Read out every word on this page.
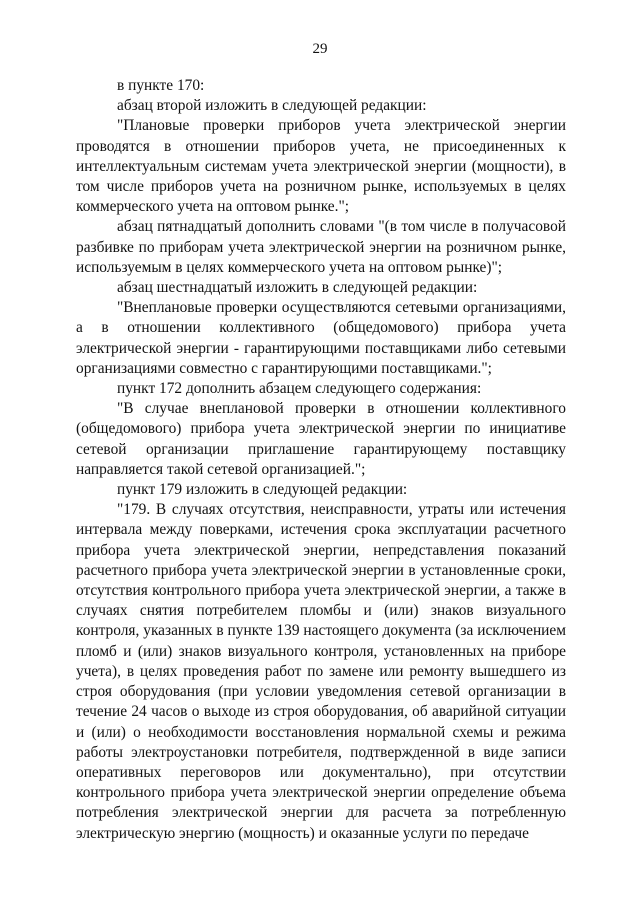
29

в пункте 170:

абзац второй изложить в следующей редакции:

"Плановые проверки приборов учета электрической энергии проводятся в отношении приборов учета, не присоединенных к интеллектуальным системам учета электрической энергии (мощности), в том числе приборов учета на розничном рынке, используемых в целях коммерческого учета на оптовом рынке.";

абзац пятнадцатый дополнить словами "(в том числе в получасовой разбивке по приборам учета электрической энергии на розничном рынке, используемым в целях коммерческого учета на оптовом рынке)";

абзац шестнадцатый изложить в следующей редакции:

"Внеплановые проверки осуществляются сетевыми организациями, а в отношении коллективного (общедомового) прибора учета электрической энергии - гарантирующими поставщиками либо сетевыми организациями совместно с гарантирующими поставщиками.";

пункт 172 дополнить абзацем следующего содержания:

"В случае внеплановой проверки в отношении коллективного (общедомового) прибора учета электрической энергии по инициативе сетевой организации приглашение гарантирующему поставщику направляется такой сетевой организацией.";

пункт 179 изложить в следующей редакции:

"179. В случаях отсутствия, неисправности, утраты или истечения интервала между поверками, истечения срока эксплуатации расчетного прибора учета электрической энергии, непредставления показаний расчетного прибора учета электрической энергии в установленные сроки, отсутствия контрольного прибора учета электрической энергии, а также в случаях снятия потребителем пломбы и (или) знаков визуального контроля, указанных в пункте 139 настоящего документа (за исключением пломб и (или) знаков визуального контроля, установленных на приборе учета), в целях проведения работ по замене или ремонту вышедшего из строя оборудования (при условии уведомления сетевой организации в течение 24 часов о выходе из строя оборудования, об аварийной ситуации и (или) о необходимости восстановления нормальной схемы и режима работы электроустановки потребителя, подтвержденной в виде записи оперативных переговоров или документально), при отсутствии контрольного прибора учета электрической энергии определение объема потребления электрической энергии для расчета за потребленную электрическую энергию (мощность) и оказанные услуги по передаче
